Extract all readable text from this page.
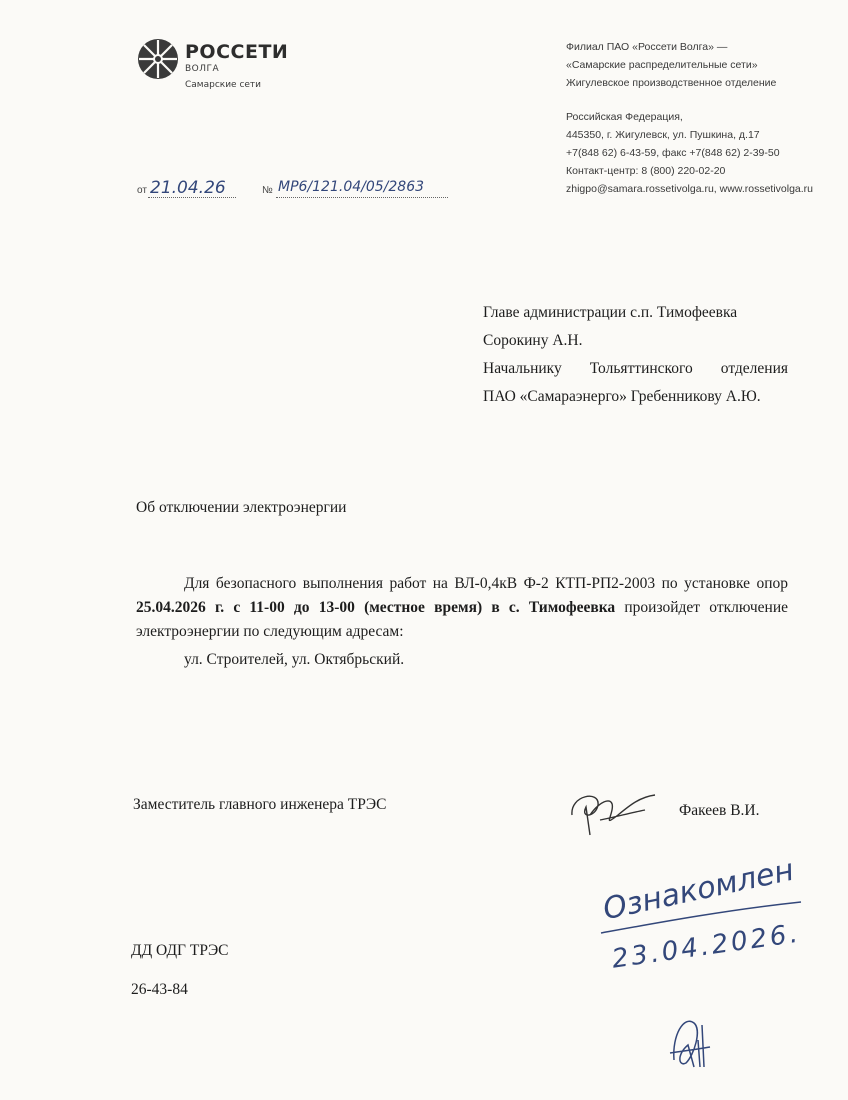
РОССЕТИ
ВОЛГА
Самарские сети
Филиал ПАО «Россети Волга» —
«Самарские распределительные сети»
Жигулевское производственное отделение
Российская Федерация,
445350, г. Жигулевск, ул. Пушкина, д.17
+7(848 62) 6-43-59, факс +7(848 62) 2-39-50
Контакт-центр: 8 (800) 220-02-20
zhigpo@samara.rossetivolga.ru, www.rossetivolga.ru
от 21.04.26	№ МР6/121.04/05/2863
Главе администрации с.п. Тимофеевка
Сорокину А.Н.
Начальнику Тольяттинского отделения
ПАО «Самараэнерго» Гребенникову А.Ю.
Об отключении электроэнергии

Для безопасного выполнения работ на ВЛ-0,4кВ Ф-2 КТП-РП2-2003 по установке опор 25.04.2026 г. с 11-00 до 13-00 (местное время) в с. Тимофеевка произойдет отключение электроэнергии по следующим адресам:

ул. Строителей, ул. Октябрьский.

Заместитель главного инженера ТРЭС	Факеев В.И.
ДД ОДГ ТРЭС
26-43-84
Ознакомлен
23.04.2026.
